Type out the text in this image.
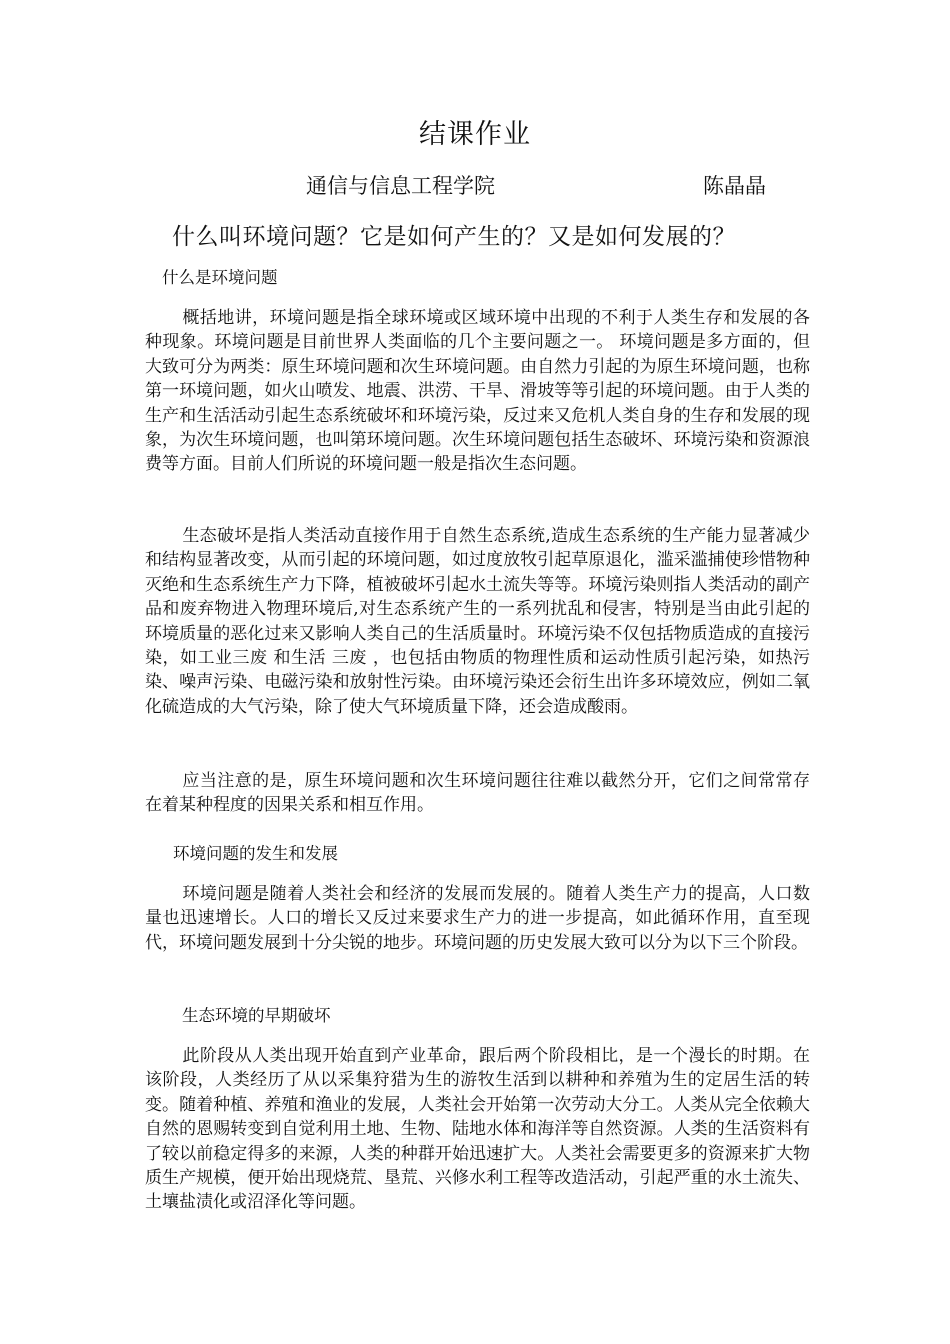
结课作业
通信与信息工程学院	陈晶晶
什么叫环境问题？它是如何产生的？又是如何发展的？
什么是环境问题

概括地讲，环境问题是指全球环境或区域环境中出现的不利于人类生存和发展的各种现象。环境问题是目前世界人类面临的几个主要问题之一。 环境问题是多方面的，但大致可分为两类：原生环境问题和次生环境问题。由自然力引起的为原生环境问题，也称第一环境问题，如火山喷发、地震、洪涝、干旱、滑坡等等引起的环境问题。由于人类的生产和生活活动引起生态系统破坏和环境污染，反过来又危机人类自身的生存和发展的现象，为次生环境问题，也叫第环境问题。次生环境问题包括生态破坏、环境污染和资源浪费等方面。目前人们所说的环境问题一般是指次生态问题。

生态破坏是指人类活动直接作用于自然生态系统,造成生态系统的生产能力显著减少和结构显著改变，从而引起的环境问题，如过度放牧引起草原退化，滥采滥捕使珍惜物种灭绝和生态系统生产力下降，植被破坏引起水土流失等等。环境污染则指人类活动的副产品和废弃物进入物理环境后,对生态系统产生的一系列扰乱和侵害，特别是当由此引起的环境质量的恶化过来又影响人类自己的生活质量时。环境污染不仅包括物质造成的直接污染，如工业三废 和生活 三废 ，也包括由物质的物理性质和运动性质引起污染，如热污染、噪声污染、电磁污染和放射性污染。由环境污染还会衍生出许多环境效应，例如二氧化硫造成的大气污染，除了使大气环境质量下降，还会造成酸雨。

应当注意的是，原生环境问题和次生环境问题往往难以截然分开，它们之间常常存在着某种程度的因果关系和相互作用。

环境问题的发生和发展

环境问题是随着人类社会和经济的发展而发展的。随着人类生产力的提高，人口数量也迅速增长。人口的增长又反过来要求生产力的进一步提高，如此循环作用，直至现代，环境问题发展到十分尖锐的地步。环境问题的历史发展大致可以分为以下三个阶段。

生态环境的早期破坏

此阶段从人类出现开始直到产业革命，跟后两个阶段相比，是一个漫长的时期。在该阶段，人类经历了从以采集狩猎为生的游牧生活到以耕种和养殖为生的定居生活的转变。随着种植、养殖和渔业的发展，人类社会开始第一次劳动大分工。人类从完全依赖大自然的恩赐转变到自觉利用土地、生物、陆地水体和海洋等自然资源。人类的生活资料有了较以前稳定得多的来源，人类的种群开始迅速扩大。人类社会需要更多的资源来扩大物质生产规模，便开始出现烧荒、垦荒、兴修水利工程等改造活动，引起严重的水土流失、土壤盐渍化或沼泽化等问题。
